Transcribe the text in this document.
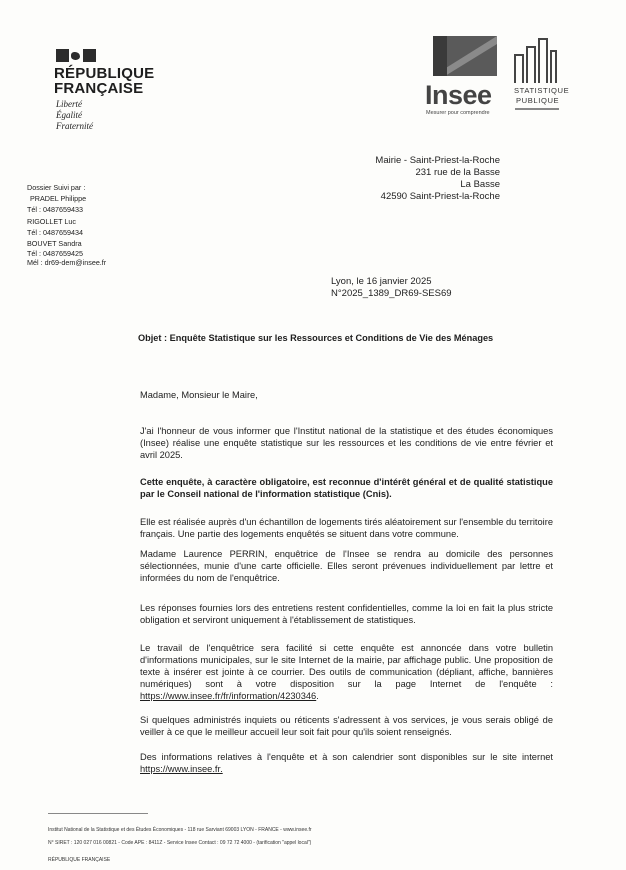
RÉPUBLIQUE
FRANÇAISE
Liberté
Égalité
Fraternité
Insee
Mesurer pour comprendre
STATISTIQUE
PUBLIQUE
Mairie - Saint-Priest-la-Roche
231 rue de la Basse
La Basse
42590 Saint-Priest-la-Roche
Dossier Suivi par :
PRADEL Philippe
Tél : 0487659433
RIGOLLET Luc
Tél : 0487659434
BOUVET Sandra
Tél : 0487659425
Mél : dr69-dem@insee.fr
Lyon, le 16 janvier 2025
N°2025_1389_DR69-SES69
Objet : Enquête Statistique sur les Ressources et Conditions de Vie des Ménages
Madame, Monsieur le Maire,
J'ai l'honneur de vous informer que l'Institut national de la statistique et des études économiques (Insee) réalise une enquête statistique sur les ressources et les conditions de vie entre février et avril 2025.
Cette enquête, à caractère obligatoire, est reconnue d'intérêt général et de qualité statistique par le Conseil national de l'information statistique (Cnis).
Elle est réalisée auprès d'un échantillon de logements tirés aléatoirement sur l'ensemble du territoire français. Une partie des logements enquêtés se situent dans votre commune.
Madame Laurence PERRIN, enquêtrice de l'Insee se rendra au domicile des personnes sélectionnées, munie d'une carte officielle. Elles seront prévenues individuellement par lettre et informées du nom de l'enquêtrice.
Les réponses fournies lors des entretiens restent confidentielles, comme la loi en fait la plus stricte obligation et serviront uniquement à l'établissement de statistiques.
Le travail de l'enquêtrice sera facilité si cette enquête est annoncée dans votre bulletin d'informations municipales, sur le site Internet de la mairie, par affichage public. Une proposition de texte à insérer est jointe à ce courrier. Des outils de communication (dépliant, affiche, bannières numériques) sont à votre disposition sur la page Internet de l'enquête : https://www.insee.fr/fr/information/4230346.
Si quelques administrés inquiets ou réticents s'adressent à vos services, je vous serais obligé de veiller à ce que le meilleur accueil leur soit fait pour qu'ils soient renseignés.
Des informations relatives à l'enquête et à son calendrier sont disponibles sur le site internet https://www.insee.fr.
Institut National de la Statistique et des Études Économiques - 118 rue Sarviant 69003 LYON - FRANCE - www.insee.fr
N° SIRET : 120 027 016 00821 - Code APE : 8411Z - Service Insee Contact : 09 72 72 4000 - (tarification "appel local")
RÉPUBLIQUE FRANÇAISE
